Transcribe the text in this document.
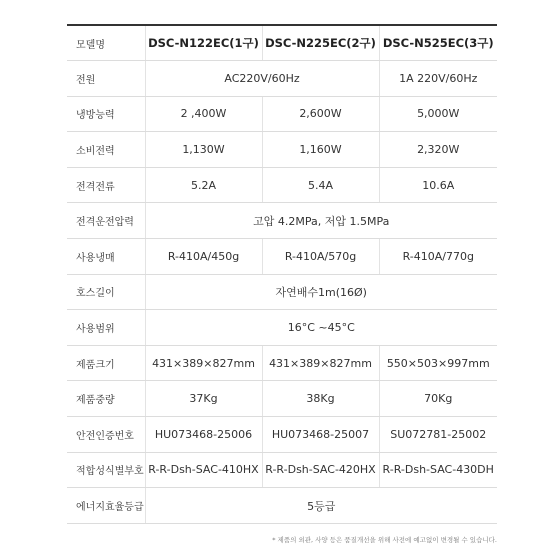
모델명	DSC-N122EC(1구)	DSC-N225EC(2구)	DSC-N525EC(3구)
전원	AC220V/60Hz		1A 220V/60Hz
냉방능력	2 ,400W	2,600W	5,000W
소비전력	1,130W	1,160W	2,320W
전격전류	5.2A	5.4A	10.6A
전격운전압력	고압 4.2MPa, 저압 1.5MPa		
사용냉매	R-410A/450g	R-410A/570g	R-410A/770g
호스길이	자연배수1m(16Ø)		
사용범위	16°C ~45°C		
제품크기	431×389×827mm	431×389×827mm	550×503×997mm
제품중량	37Kg	38Kg	70Kg
안전인증번호	HU073468-25006	HU073468-25007	SU072781-25002
적합성식별부호	R-R-Dsh-SAC-410HX	R-R-Dsh-SAC-420HX	R-R-Dsh-SAC-430DH
에너지효율등급	5등급		
* 제품의 외관, 사양 등은 품질개선을 위해 사전에 예고없이 변경될 수 있습니다.
